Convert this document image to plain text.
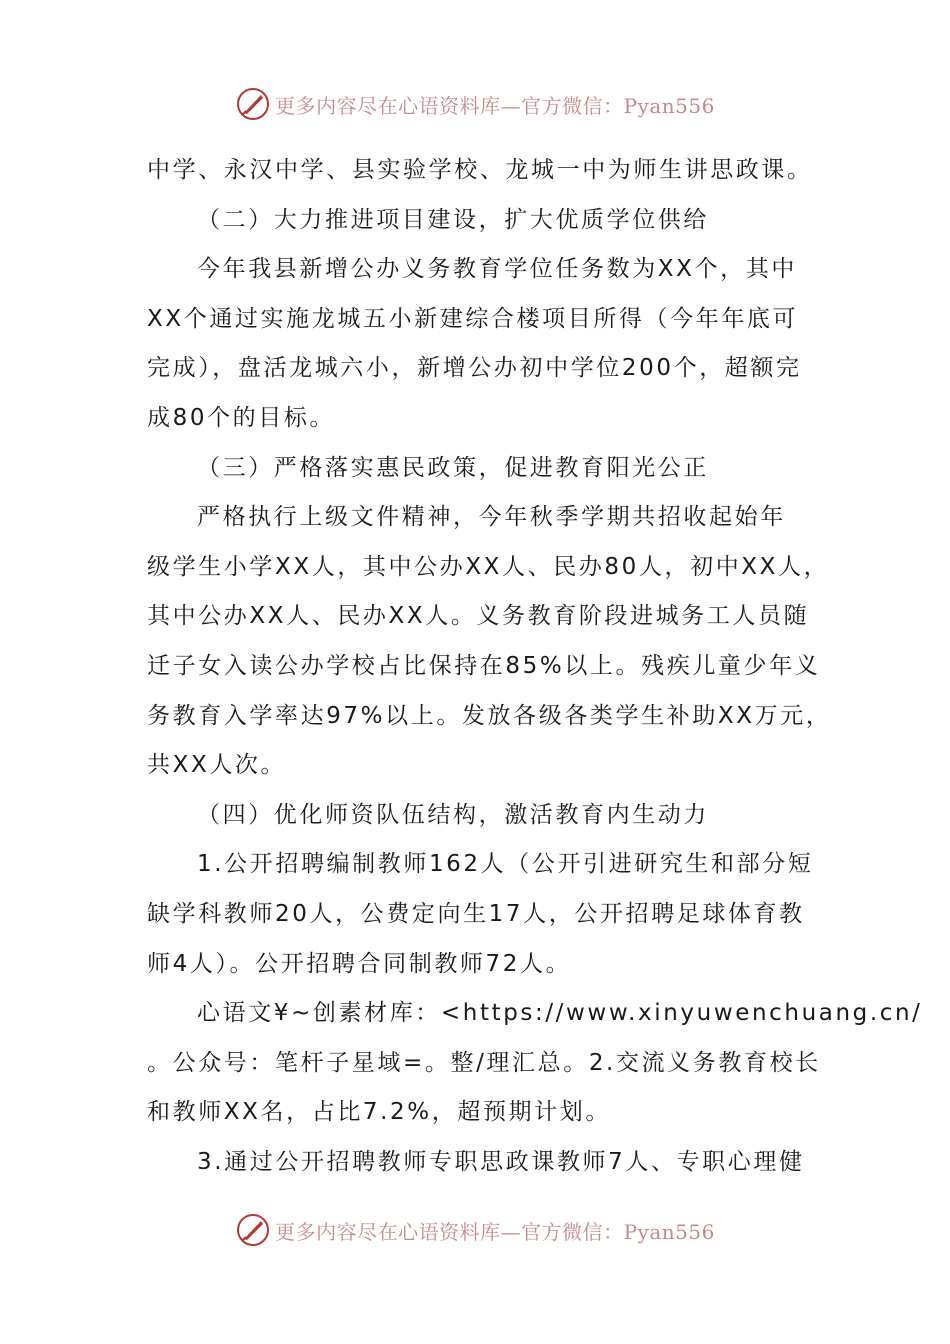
更多内容尽在心语资料库—官方微信：Pyan556

中学、永汉中学、县实验学校、龙城一中为师生讲思政课。

（二）大力推进项目建设，扩大优质学位供给

今年我县新增公办义务教育学位任务数为XX个，其中

XX个通过实施龙城五小新建综合楼项目所得（今年年底可

完成），盘活龙城六小，新增公办初中学位200个，超额完

成80个的目标。

（三）严格落实惠民政策，促进教育阳光公正

严格执行上级文件精神，今年秋季学期共招收起始年

级学生小学XX人，其中公办XX人、民办80人，初中XX人，

其中公办XX人、民办XX人。义务教育阶段进城务工人员随

迁子女入读公办学校占比保持在85%以上。残疾儿童少年义

务教育入学率达97%以上。发放各级各类学生补助XX万元，

共XX人次。

（四）优化师资队伍结构，激活教育内生动力

1.公开招聘编制教师162人（公开引进研究生和部分短

缺学科教师20人，公费定向生17人，公开招聘足球体育教

师4人）。公开招聘合同制教师72人。

心语文¥~创素材库：<https://www.xinyuwenchuang.cn/

。公众号：笔杆子星域=。整/理汇总。2.交流义务教育校长

和教师XX名，占比7.2%，超预期计划。

3.通过公开招聘教师专职思政课教师7人、专职心理健

更多内容尽在心语资料库—官方微信：Pyan556
